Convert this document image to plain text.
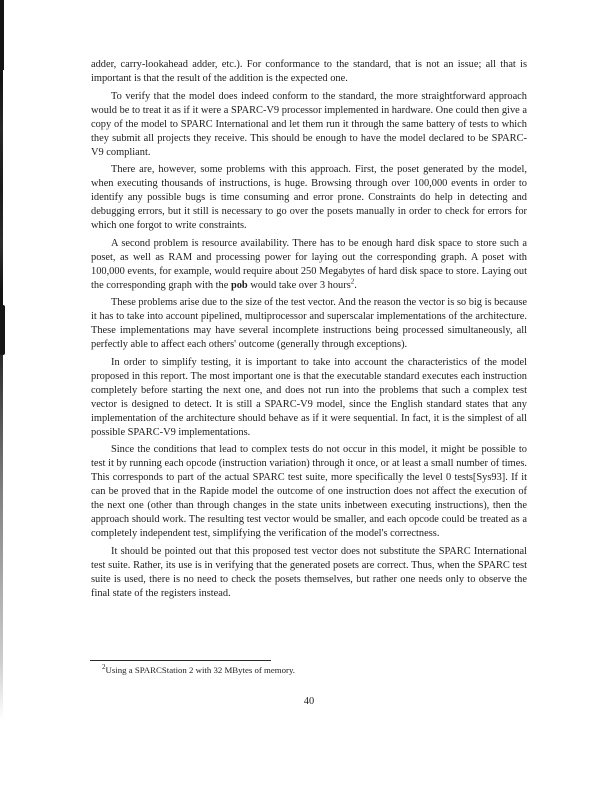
adder, carry-lookahead adder, etc.). For conformance to the standard, that is not an issue; all that is important is that the result of the addition is the expected one.

To verify that the model does indeed conform to the standard, the more straightforward approach would be to treat it as if it were a SPARC-V9 processor implemented in hardware. One could then give a copy of the model to SPARC International and let them run it through the same battery of tests to which they submit all projects they receive. This should be enough to have the model declared to be SPARC-V9 compliant.

There are, however, some problems with this approach. First, the poset generated by the model, when executing thousands of instructions, is huge. Browsing through over 100,000 events in order to identify any possible bugs is time consuming and error prone. Constraints do help in detecting and debugging errors, but it still is necessary to go over the posets manually in order to check for errors for which one forgot to write constraints.

A second problem is resource availability. There has to be enough hard disk space to store such a poset, as well as RAM and processing power for laying out the corresponding graph. A poset with 100,000 events, for example, would require about 250 Megabytes of hard disk space to store. Laying out the corresponding graph with the pob would take over 3 hours$^2$.

These problems arise due to the size of the test vector. And the reason the vector is so big is because it has to take into account pipelined, multiprocessor and superscalar implementations of the architecture. These implementations may have several incomplete instructions being processed simultaneously, all perfectly able to affect each others' outcome (generally through exceptions).

In order to simplify testing, it is important to take into account the characteristics of the model proposed in this report. The most important one is that the executable standard executes each instruction completely before starting the next one, and does not run into the problems that such a complex test vector is designed to detect. It is still a SPARC-V9 model, since the English standard states that any implementation of the architecture should behave as if it were sequential. In fact, it is the simplest of all possible SPARC-V9 implementations.

Since the conditions that lead to complex tests do not occur in this model, it might be possible to test it by running each opcode (instruction variation) through it once, or at least a small number of times. This corresponds to part of the actual SPARC test suite, more specifically the level 0 tests[Sys93]. If it can be proved that in the Rapide model the outcome of one instruction does not affect the execution of the next one (other than through changes in the state units inbetween executing instructions), then the approach should work. The resulting test vector would be smaller, and each opcode could be treated as a completely independent test, simplifying the verification of the model's correctness.

It should be pointed out that this proposed test vector does not substitute the SPARC International test suite. Rather, its use is in verifying that the generated posets are correct. Thus, when the SPARC test suite is used, there is no need to check the posets themselves, but rather one needs only to observe the final state of the registers instead.

$^2$Using a SPARCStation 2 with 32 MBytes of memory.

40
